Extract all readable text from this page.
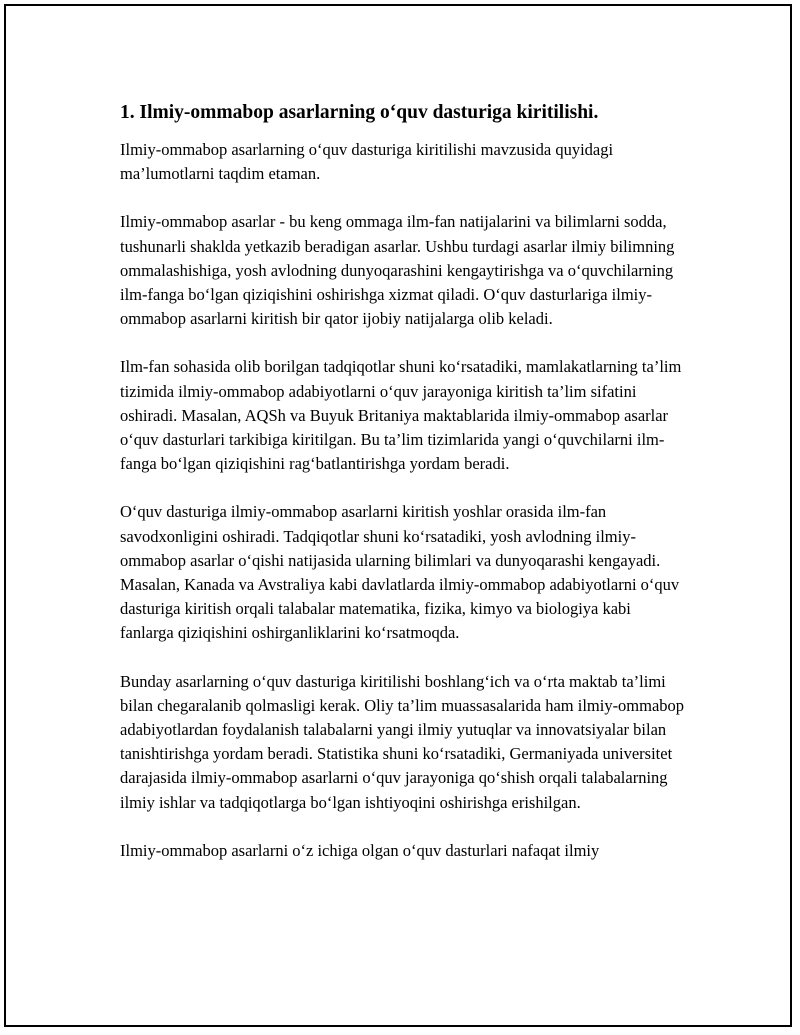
1. Ilmiy-ommabop asarlarning o‘quv dasturiga kiritilishi.

Ilmiy-ommabop asarlarning o‘quv dasturiga kiritilishi mavzusida quyidagi ma’lumotlarni taqdim etaman.

Ilmiy-ommabop asarlar - bu keng ommaga ilm-fan natijalarini va bilimlarni sodda, tushunarli shaklda yetkazib beradigan asarlar. Ushbu turdagi asarlar ilmiy bilimning ommalashishiga, yosh avlodning dunyoqarashini kengaytirishga va o‘quvchilarning ilm-fanga bo‘lgan qiziqishini oshirishga xizmat qiladi. O‘quv dasturlariga ilmiy-ommabop asarlarni kiritish bir qator ijobiy natijalarga olib keladi.

Ilm-fan sohasida olib borilgan tadqiqotlar shuni ko‘rsatadiki, mamlakatlarning ta’lim tizimida ilmiy-ommabop adabiyotlarni o‘quv jarayoniga kiritish ta’lim sifatini oshiradi. Masalan, AQSh va Buyuk Britaniya maktablarida ilmiy-ommabop asarlar o‘quv dasturlari tarkibiga kiritilgan. Bu ta’lim tizimlarida yangi o‘quvchilarni ilm-fanga bo‘lgan qiziqishini rag‘batlantirishga yordam beradi.

O‘quv dasturiga ilmiy-ommabop asarlarni kiritish yoshlar orasida ilm-fan savodxonligini oshiradi. Tadqiqotlar shuni ko‘rsatadiki, yosh avlodning ilmiy-ommabop asarlar o‘qishi natijasida ularning bilimlari va dunyoqarashi kengayadi. Masalan, Kanada va Avstraliya kabi davlatlarda ilmiy-ommabop adabiyotlarni o‘quv dasturiga kiritish orqali talabalar matematika, fizika, kimyo va biologiya kabi fanlarga qiziqishini oshirganliklarini ko‘rsatmoqda.

Bunday asarlarning o‘quv dasturiga kiritilishi boshlang‘ich va o‘rta maktab ta’limi bilan chegaralanib qolmasligi kerak. Oliy ta’lim muassasalarida ham ilmiy-ommabop adabiyotlardan foydalanish talabalarni yangi ilmiy yutuqlar va innovatsiyalar bilan tanishtirishga yordam beradi. Statistika shuni ko‘rsatadiki, Germaniyada universitet darajasida ilmiy-ommabop asarlarni o‘quv jarayoniga qo‘shish orqali talabalarning ilmiy ishlar va tadqiqotlarga bo‘lgan ishtiyoqini oshirishga erishilgan.

Ilmiy-ommabop asarlarni o‘z ichiga olgan o‘quv dasturlari nafaqat ilmiy
